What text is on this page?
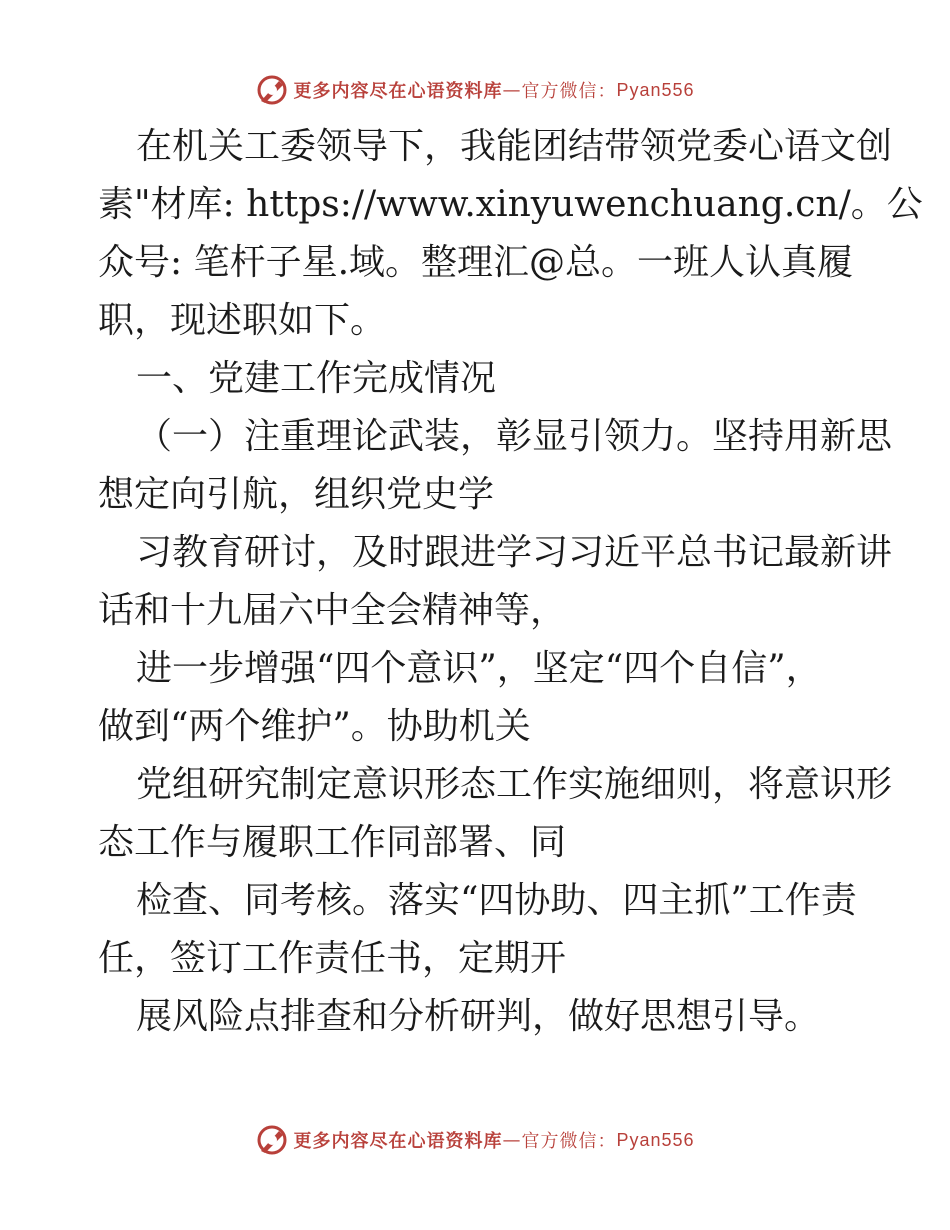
更多内容尽在心语资料库 — 官方微信： Pyan556

在机关工委领导下，我能团结带领党委心语文创

素"材库: https://www.xinyuwenchuang.cn/。公

众号: 笔杆子星.域。整理汇@总。一班人认真履

职，现述职如下。

一、党建工作完成情况

（一）注重理论武装，彰显引领力。坚持用新思

想定向引航，组织党史学

习教育研讨，及时跟进学习习近平总书记最新讲

话和十九届六中全会精神等，

进一步增强“四个意识”，坚定“四个自信”，

做到“两个维护”。协助机关

党组研究制定意识形态工作实施细则，将意识形

态工作与履职工作同部署、同

检查、同考核。落实“四协助、四主抓”工作责

任，签订工作责任书，定期开

展风险点排查和分析研判，做好思想引导。

更多内容尽在心语资料库 — 官方微信： Pyan556
